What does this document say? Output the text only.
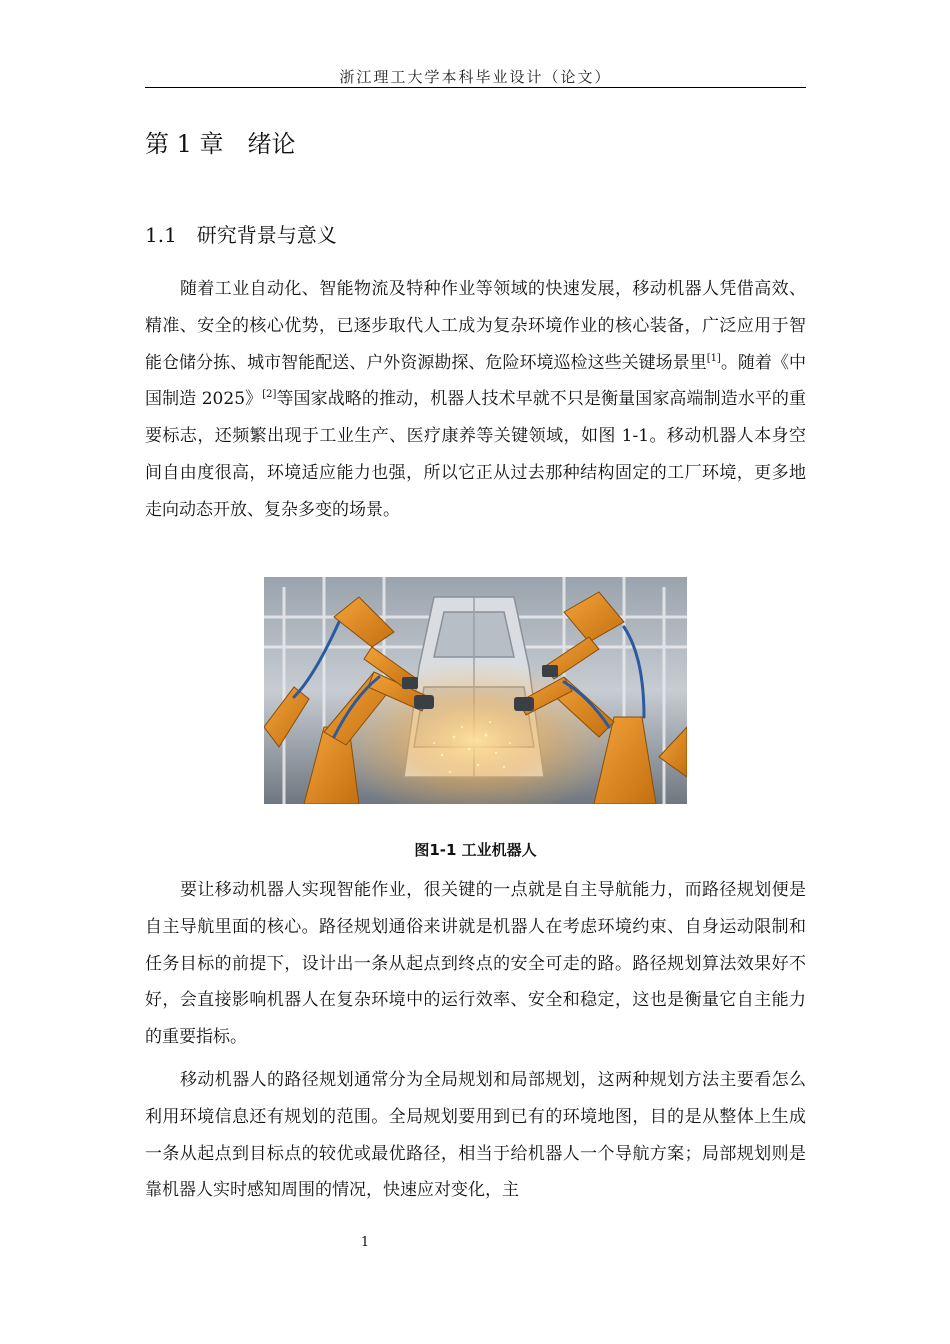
浙江理工大学本科毕业设计（论文）
第 1 章　绪论
1.1　研究背景与意义

随着工业自动化、智能物流及特种作业等领域的快速发展，移动机器人凭借高效、精准、安全的核心优势，已逐步取代人工成为复杂环境作业的核心装备，广泛应用于智能仓储分拣、城市智能配送、户外资源勘探、危险环境巡检这些关键场景里[1]。随着《中国制造 2025》[2]等国家战略的推动，机器人技术早就不只是衡量国家高端制造水平的重要标志，还频繁出现于工业生产、医疗康养等关键领域，如图 1-1。移动机器人本身空间自由度很高，环境适应能力也强，所以它正从过去那种结构固定的工厂环境，更多地走向动态开放、复杂多变的场景。

图1-1 工业机器人

要让移动机器人实现智能作业，很关键的一点就是自主导航能力，而路径规划便是自主导航里面的核心。路径规划通俗来讲就是机器人在考虑环境约束、自身运动限制和任务目标的前提下，设计出一条从起点到终点的安全可走的路。路径规划算法效果好不好，会直接影响机器人在复杂环境中的运行效率、安全和稳定，这也是衡量它自主能力的重要指标。

移动机器人的路径规划通常分为全局规划和局部规划，这两种规划方法主要看怎么利用环境信息还有规划的范围。全局规划要用到已有的环境地图，目的是从整体上生成一条从起点到目标点的较优或最优路径，相当于给机器人一个导航方案；局部规划则是靠机器人实时感知周围的情况，快速应对变化，主

1
